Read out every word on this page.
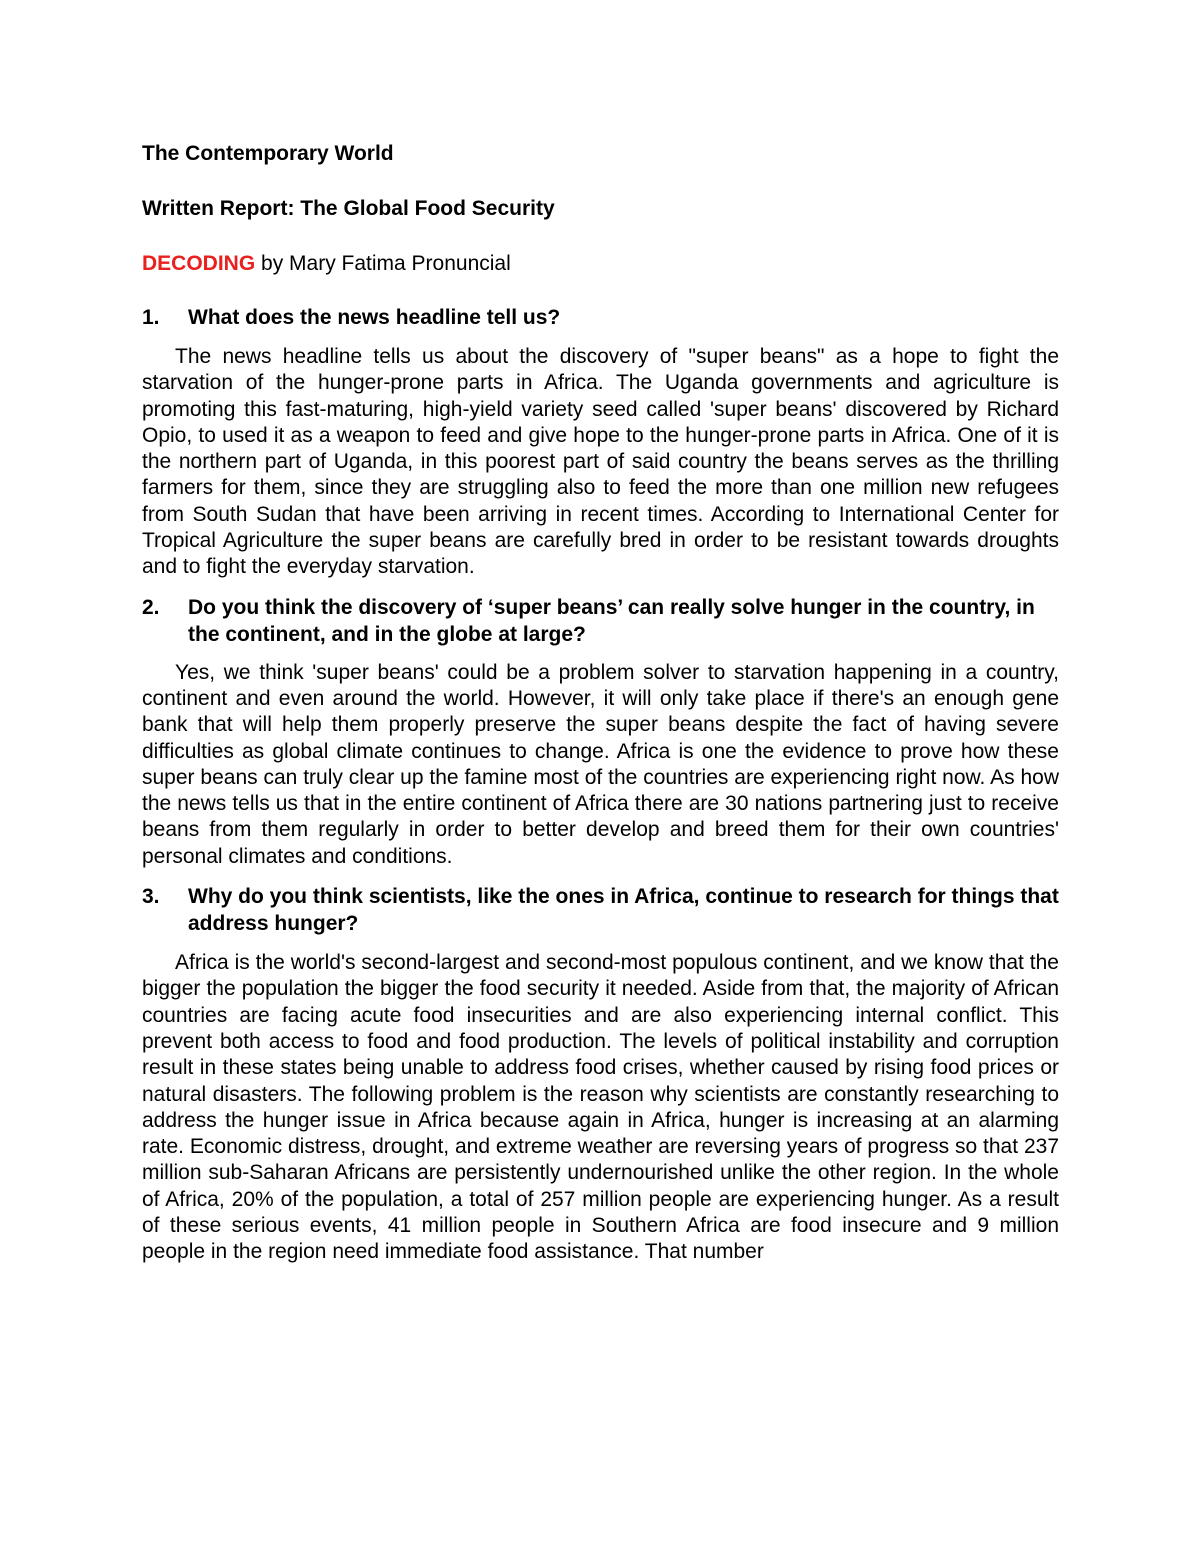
The Contemporary World

Written Report: The Global Food Security

DECODING by Mary Fatima Pronuncial

1.	What does the news headline tell us?

The news headline tells us about the discovery of "super beans" as a hope to fight the starvation of the hunger-prone parts in Africa. The Uganda governments and agriculture is promoting this fast-maturing, high-yield variety seed called 'super beans' discovered by Richard Opio, to used it as a weapon to feed and give hope to the hunger-prone parts in Africa. One of it is the northern part of Uganda, in this poorest part of said country the beans serves as the thrilling farmers for them, since they are struggling also to feed the more than one million new refugees from South Sudan that have been arriving in recent times. According to International Center for Tropical Agriculture the super beans are carefully bred in order to be resistant towards droughts and to fight the everyday starvation.

2.	Do you think the discovery of ‘super beans’ can really solve hunger in the country, in the continent, and in the globe at large?

Yes, we think 'super beans' could be a problem solver to starvation happening in a country, continent and even around the world. However, it will only take place if there's an enough gene bank that will help them properly preserve the super beans despite the fact of having severe difficulties as global climate continues to change. Africa is one the evidence to prove how these super beans can truly clear up the famine most of the countries are experiencing right now. As how the news tells us that in the entire continent of Africa there are 30 nations partnering just to receive beans from them regularly in order to better develop and breed them for their own countries' personal climates and conditions.

3.	Why do you think scientists, like the ones in Africa, continue to research for things that address hunger?

Africa is the world's second-largest and second-most populous continent, and we know that the bigger the population the bigger the food security it needed. Aside from that, the majority of African countries are facing acute food insecurities and are also experiencing internal conflict. This prevent both access to food and food production. The levels of political instability and corruption result in these states being unable to address food crises, whether caused by rising food prices or natural disasters. The following problem is the reason why scientists are constantly researching to address the hunger issue in Africa because again in Africa, hunger is increasing at an alarming rate. Economic distress, drought, and extreme weather are reversing years of progress so that 237 million sub-Saharan Africans are persistently undernourished unlike the other region. In the whole of Africa, 20% of the population, a total of 257 million people are experiencing hunger. As a result of these serious events, 41 million people in Southern Africa are food insecure and 9 million people in the region need immediate food assistance. That number
